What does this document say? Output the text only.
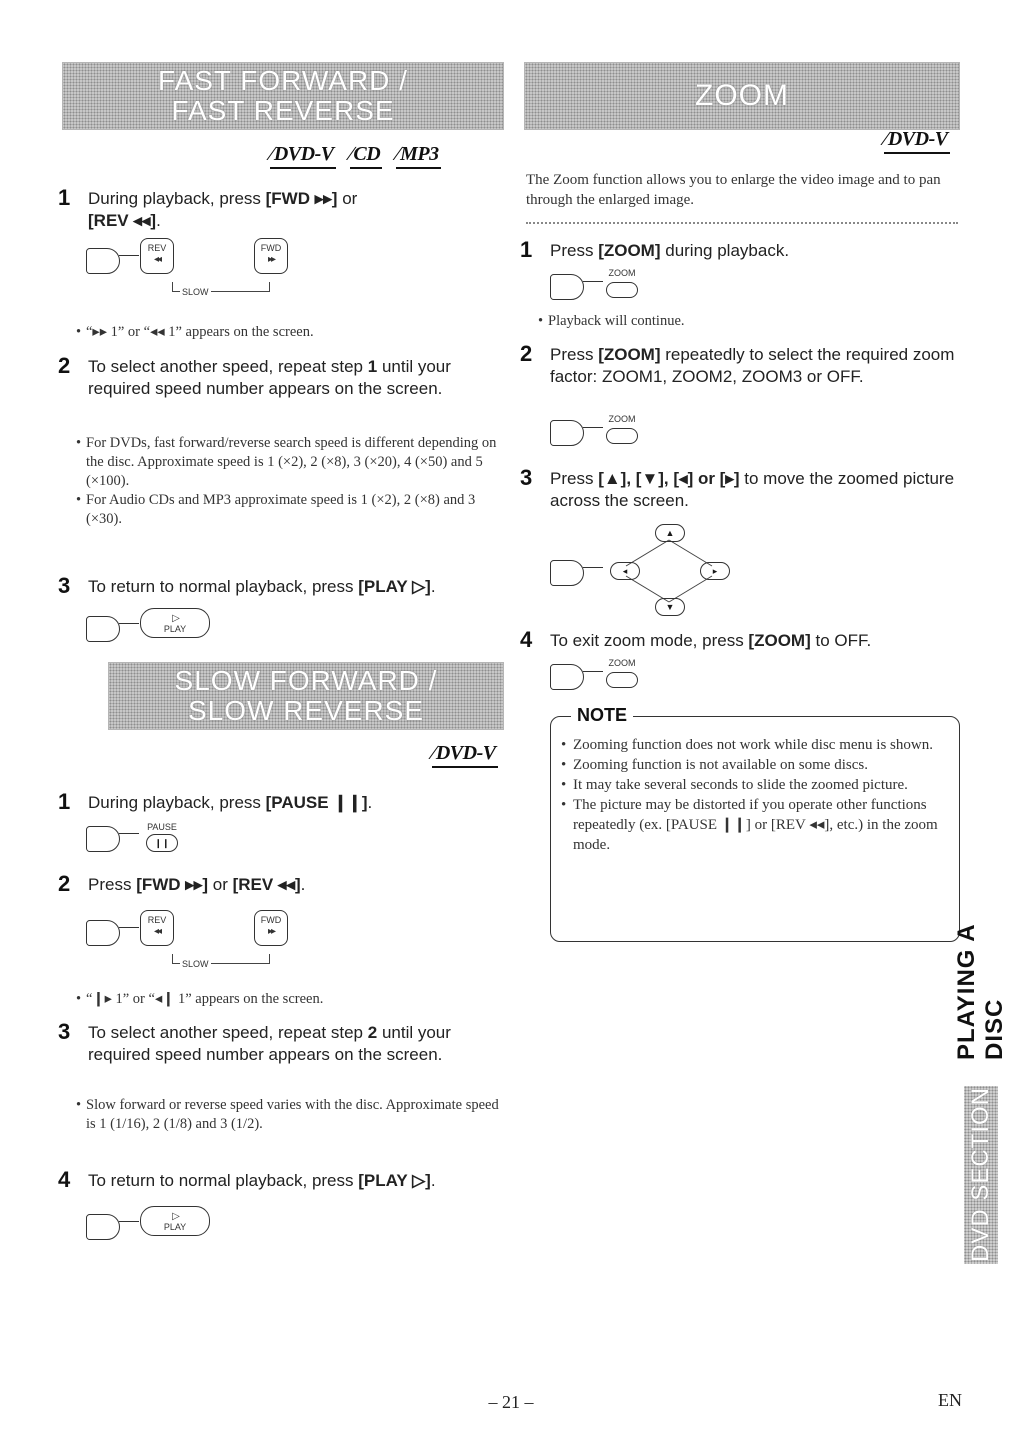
FAST FORWARD /
FAST REVERSE
∕ DVD-V ∕ CD ∕ MP3
1 During playback, press [FWD ▸▸] or
[REV ◂◂].
REV
◂◂
FWD
▸▸
SLOW
• “▸▸ 1” or “◂◂ 1” appears on the screen.
2 To select another speed, repeat step 1 until your required speed number appears on the screen.
• For DVDs, fast forward/reverse search speed is different depending on the disc. Approximate speed is 1 (×2), 2 (×8), 3 (×20), 4 (×50) and 5 (×100).
• For Audio CDs and MP3 approximate speed is 1 (×2), 2 (×8) and 3 (×30).
3 To return to normal playback, press [PLAY ▷].
▷
PLAY
SLOW FORWARD /
SLOW REVERSE
∕ DVD-V
1 During playback, press [PAUSE ❙❙].
PAUSE
❙❙
2 Press [FWD ▸▸] or [REV ◂◂].
REV
◂◂
FWD
▸▸
SLOW
• “❙▸ 1” or “◂❙ 1” appears on the screen.
3 To select another speed, repeat step 2 until your required speed number appears on the screen.
• Slow forward or reverse speed varies with the disc. Approximate speed is 1 (1/16), 2 (1/8) and 3 (1/2).
4 To return to normal playback, press [PLAY ▷].
▷
PLAY
ZOOM
∕ DVD-V

The Zoom function allows you to enlarge the video image and to pan through the enlarged image.

1 Press [ZOOM] during playback.
ZOOM
• Playback will continue.
2 Press [ZOOM] repeatedly to select the required zoom factor: ZOOM1, ZOOM2, ZOOM3 or OFF.
ZOOM
3 Press [▲], [▼], [◂] or [▸] to move the zoomed picture across the screen.
▲
◂	▸
▼
4 To exit zoom mode, press [ZOOM] to OFF.
ZOOM
NOTE
• Zooming function does not work while disc menu is shown.
• Zooming function is not available on some discs.
• It may take several seconds to slide the zoomed picture.
• The picture may be distorted if you operate other functions repeatedly (ex. [PAUSE ❙❙] or [REV ◂◂], etc.) in the zoom mode.
PLAYING A DISC
DVD SECTION
– 21 –	EN
